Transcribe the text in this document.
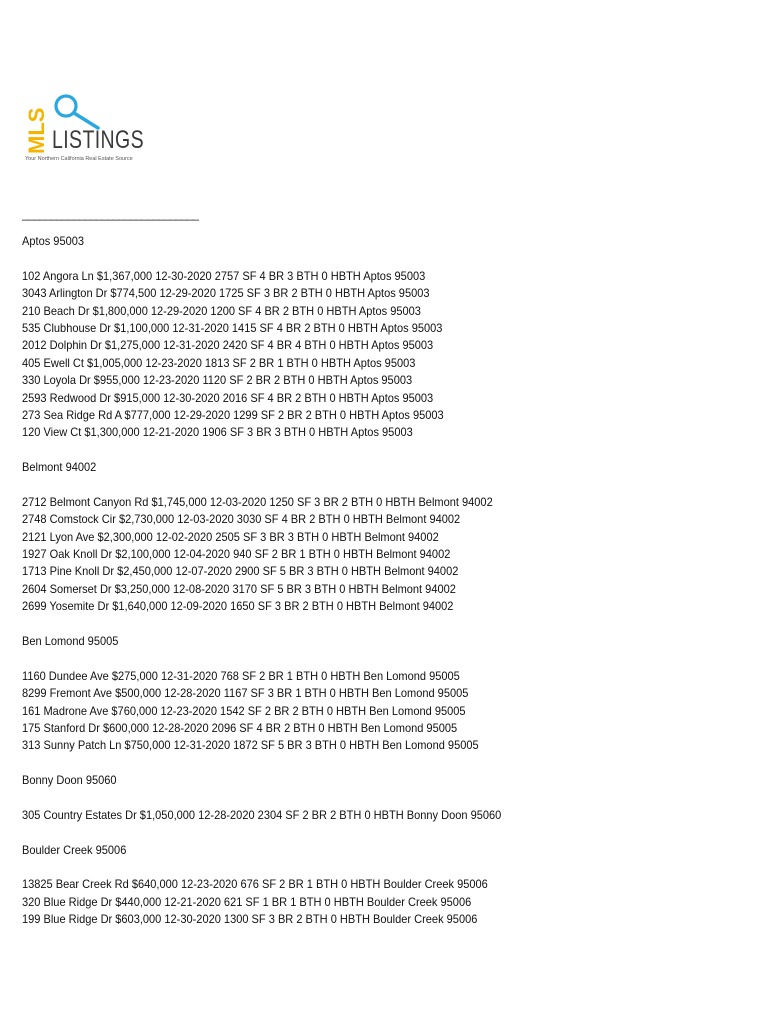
MLS LISTINGS
Your Northern California Real Estate Source
_______________________________
Aptos 95003
102 Angora Ln $1,367,000 12-30-2020 2757 SF 4 BR 3 BTH 0 HBTH Aptos 95003
3043 Arlington Dr $774,500 12-29-2020 1725 SF 3 BR 2 BTH 0 HBTH Aptos 95003
210 Beach Dr $1,800,000 12-29-2020 1200 SF 4 BR 2 BTH 0 HBTH Aptos 95003
535 Clubhouse Dr $1,100,000 12-31-2020 1415 SF 4 BR 2 BTH 0 HBTH Aptos 95003
2012 Dolphin Dr $1,275,000 12-31-2020 2420 SF 4 BR 4 BTH 0 HBTH Aptos 95003
405 Ewell Ct $1,005,000 12-23-2020 1813 SF 2 BR 1 BTH 0 HBTH Aptos 95003
330 Loyola Dr $955,000 12-23-2020 1120 SF 2 BR 2 BTH 0 HBTH Aptos 95003
2593 Redwood Dr $915,000 12-30-2020 2016 SF 4 BR 2 BTH 0 HBTH Aptos 95003
273 Sea Ridge Rd A $777,000 12-29-2020 1299 SF 2 BR 2 BTH 0 HBTH Aptos 95003
120 View Ct $1,300,000 12-21-2020 1906 SF 3 BR 3 BTH 0 HBTH Aptos 95003
Belmont 94002
2712 Belmont Canyon Rd $1,745,000 12-03-2020 1250 SF 3 BR 2 BTH 0 HBTH Belmont 94002
2748 Comstock Cir $2,730,000 12-03-2020 3030 SF 4 BR 2 BTH 0 HBTH Belmont 94002
2121 Lyon Ave $2,300,000 12-02-2020 2505 SF 3 BR 3 BTH 0 HBTH Belmont 94002
1927 Oak Knoll Dr $2,100,000 12-04-2020 940 SF 2 BR 1 BTH 0 HBTH Belmont 94002
1713 Pine Knoll Dr $2,450,000 12-07-2020 2900 SF 5 BR 3 BTH 0 HBTH Belmont 94002
2604 Somerset Dr $3,250,000 12-08-2020 3170 SF 5 BR 3 BTH 0 HBTH Belmont 94002
2699 Yosemite Dr $1,640,000 12-09-2020 1650 SF 3 BR 2 BTH 0 HBTH Belmont 94002
Ben Lomond 95005
1160 Dundee Ave $275,000 12-31-2020 768 SF 2 BR 1 BTH 0 HBTH Ben Lomond 95005
8299 Fremont Ave $500,000 12-28-2020 1167 SF 3 BR 1 BTH 0 HBTH Ben Lomond 95005
161 Madrone Ave $760,000 12-23-2020 1542 SF 2 BR 2 BTH 0 HBTH Ben Lomond 95005
175 Stanford Dr $600,000 12-28-2020 2096 SF 4 BR 2 BTH 0 HBTH Ben Lomond 95005
313 Sunny Patch Ln $750,000 12-31-2020 1872 SF 5 BR 3 BTH 0 HBTH Ben Lomond 95005
Bonny Doon 95060
305 Country Estates Dr $1,050,000 12-28-2020 2304 SF 2 BR 2 BTH 0 HBTH Bonny Doon 95060
Boulder Creek 95006
13825 Bear Creek Rd $640,000 12-23-2020 676 SF 2 BR 1 BTH 0 HBTH Boulder Creek 95006
320 Blue Ridge Dr $440,000 12-21-2020 621 SF 1 BR 1 BTH 0 HBTH Boulder Creek 95006
199 Blue Ridge Dr $603,000 12-30-2020 1300 SF 3 BR 2 BTH 0 HBTH Boulder Creek 95006
